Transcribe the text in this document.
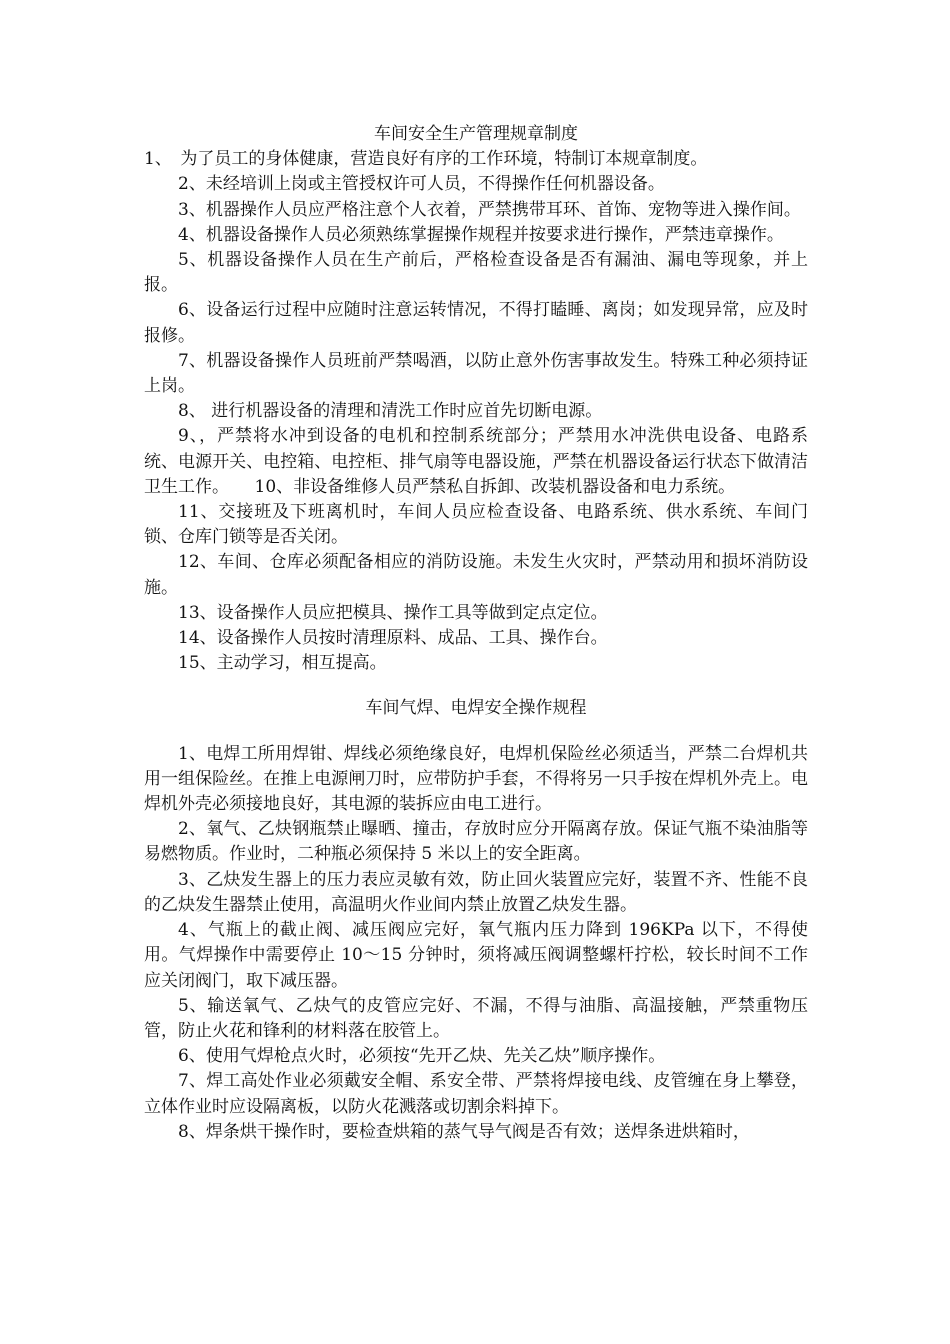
车间安全生产管理规章制度

1、　为了员工的身体健康，营造良好有序的工作环境，特制订本规章制度。

2、未经培训上岗或主管授权许可人员，不得操作任何机器设备。

3、机器操作人员应严格注意个人衣着，严禁携带耳环、首饰、宠物等进入操作间。

4、机器设备操作人员必须熟练掌握操作规程并按要求进行操作，严禁违章操作。

5、机器设备操作人员在生产前后，严格检查设备是否有漏油、漏电等现象，并上报。

6、设备运行过程中应随时注意运转情况，不得打瞌睡、离岗；如发现异常，应及时报修。

7、机器设备操作人员班前严禁喝酒，以防止意外伤害事故发生。特殊工种必须持证上岗。

8、 进行机器设备的清理和清洗工作时应首先切断电源。

9、，严禁将水冲到设备的电机和控制系统部分；严禁用水冲洗供电设备、电路系统、电源开关、电控箱、电控柜、排气扇等电器设施，严禁在机器设备运行状态下做清洁卫生工作。　　10、非设备维修人员严禁私自拆卸、改装机器设备和电力系统。

11、交接班及下班离机时，车间人员应检查设备、电路系统、供水系统、车间门锁、仓库门锁等是否关闭。

12、车间、仓库必须配备相应的消防设施。未发生火灾时，严禁动用和损坏消防设施。

13、设备操作人员应把模具、操作工具等做到定点定位。

14、设备操作人员按时清理原料、成品、工具、操作台。

15、主动学习，相互提高。

车间气焊、电焊安全操作规程

1、电焊工所用焊钳、焊线必须绝缘良好，电焊机保险丝必须适当，严禁二台焊机共用一组保险丝。在推上电源闸刀时，应带防护手套，不得将另一只手按在焊机外壳上。电焊机外壳必须接地良好，其电源的装拆应由电工进行。

2、氧气、乙炔钢瓶禁止曝晒、撞击，存放时应分开隔离存放。保证气瓶不染油脂等易燃物质。作业时，二种瓶必须保持 5 米以上的安全距离。

3、乙炔发生器上的压力表应灵敏有效，防止回火装置应完好，装置不齐、性能不良的乙炔发生器禁止使用，高温明火作业间内禁止放置乙炔发生器。

4、气瓶上的截止阀、减压阀应完好，氧气瓶内压力降到 196KPa 以下，不得使用。气焊操作中需要停止 10～15 分钟时，须将减压阀调整螺杆拧松，较长时间不工作应关闭阀门，取下减压器。

5、输送氧气、乙炔气的皮管应完好、不漏，不得与油脂、高温接触，严禁重物压管，防止火花和锋利的材料落在胶管上。

6、使用气焊枪点火时，必须按“先开乙炔、先关乙炔”顺序操作。

7、焊工高处作业必须戴安全帽、系安全带、严禁将焊接电线、皮管缠在身上攀登，立体作业时应设隔离板，以防火花溅落或切割余料掉下。

8、焊条烘干操作时，要检查烘箱的蒸气导气阀是否有效；送焊条进烘箱时，
